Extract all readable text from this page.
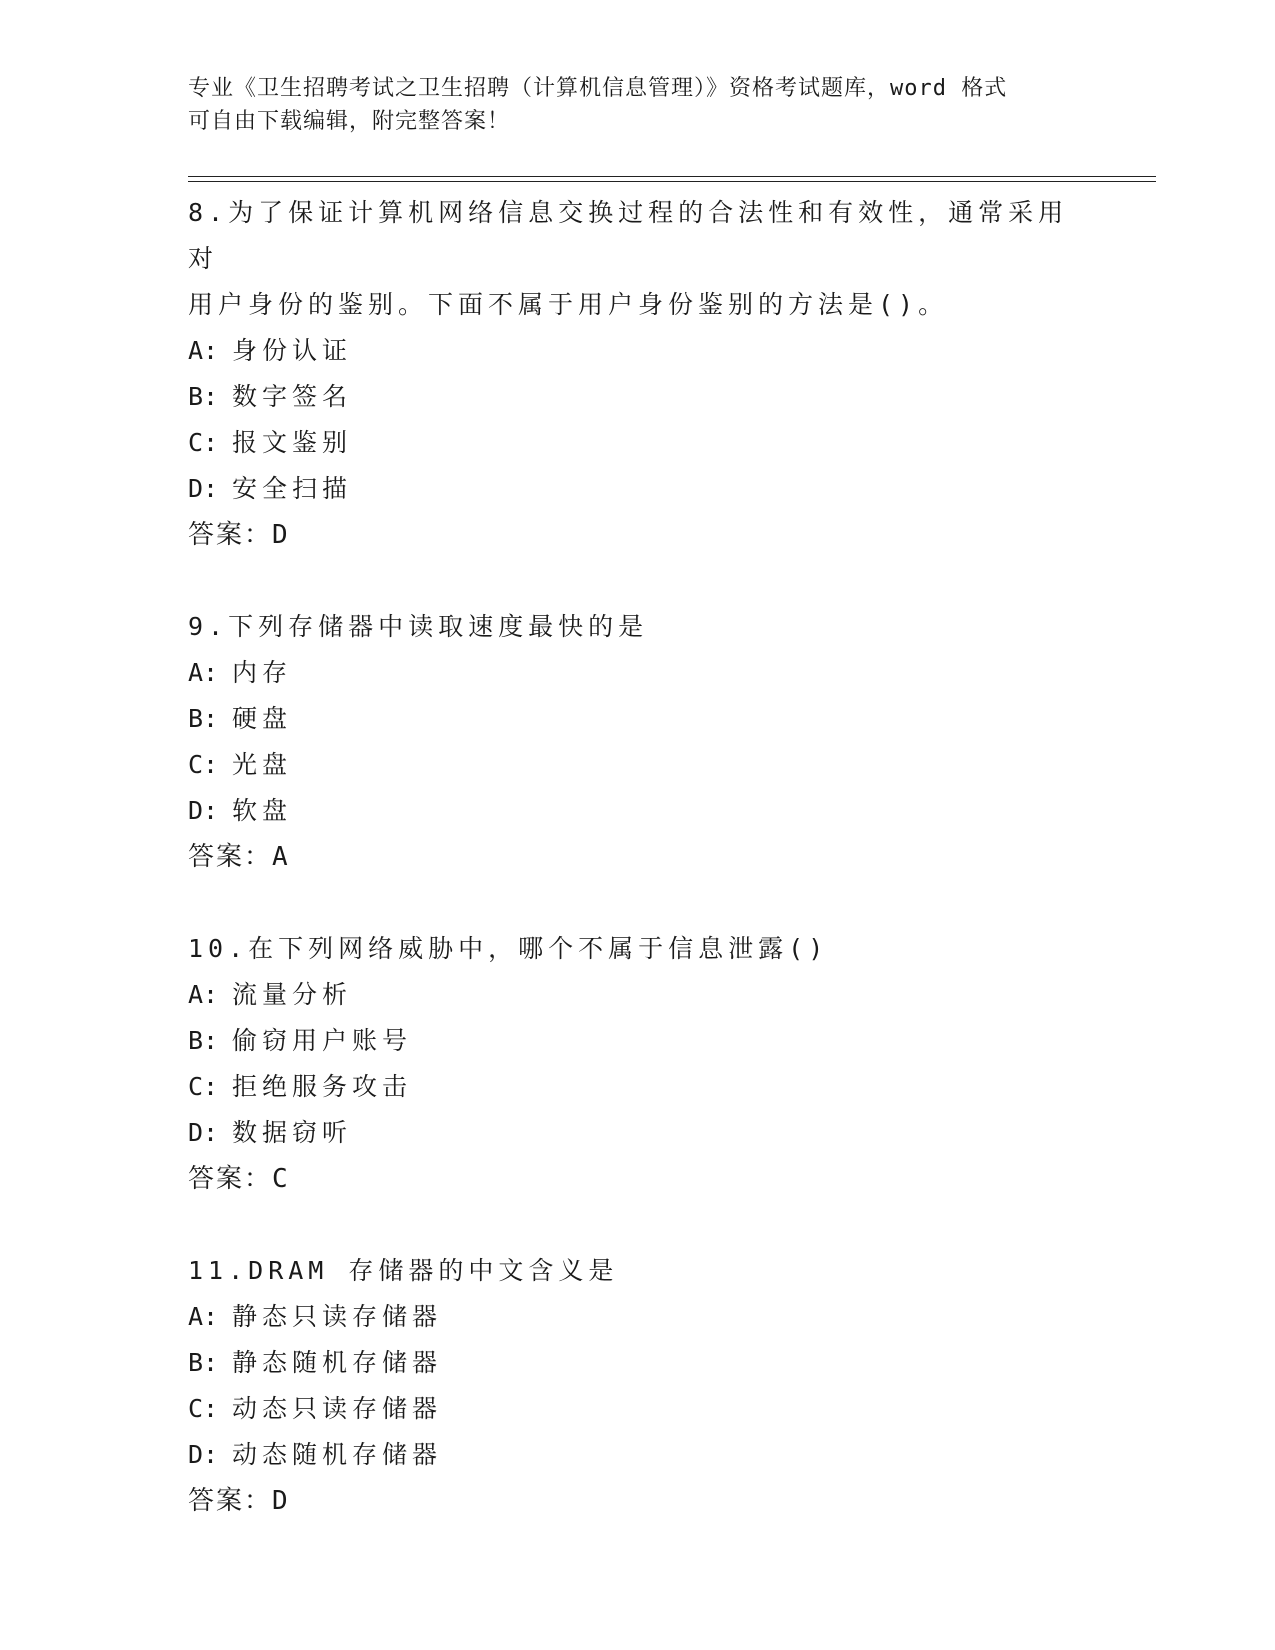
专业《卫生招聘考试之卫生招聘（计算机信息管理）》资格考试题库，word 格式
可自由下载编辑，附完整答案！
8.为了保证计算机网络信息交换过程的合法性和有效性，通常采用对
用户身份的鉴别。下面不属于用户身份鉴别的方法是()。
A: 身份认证
B: 数字签名
C: 报文鉴别
D: 安全扫描
答案：D
9.下列存储器中读取速度最快的是
A: 内存
B: 硬盘
C: 光盘
D: 软盘
答案：A
10.在下列网络威胁中，哪个不属于信息泄露()
A: 流量分析
B: 偷窃用户账号
C: 拒绝服务攻击
D: 数据窃听
答案：C
11.DRAM 存储器的中文含义是
A: 静态只读存储器
B: 静态随机存储器
C: 动态只读存储器
D: 动态随机存储器
答案：D
